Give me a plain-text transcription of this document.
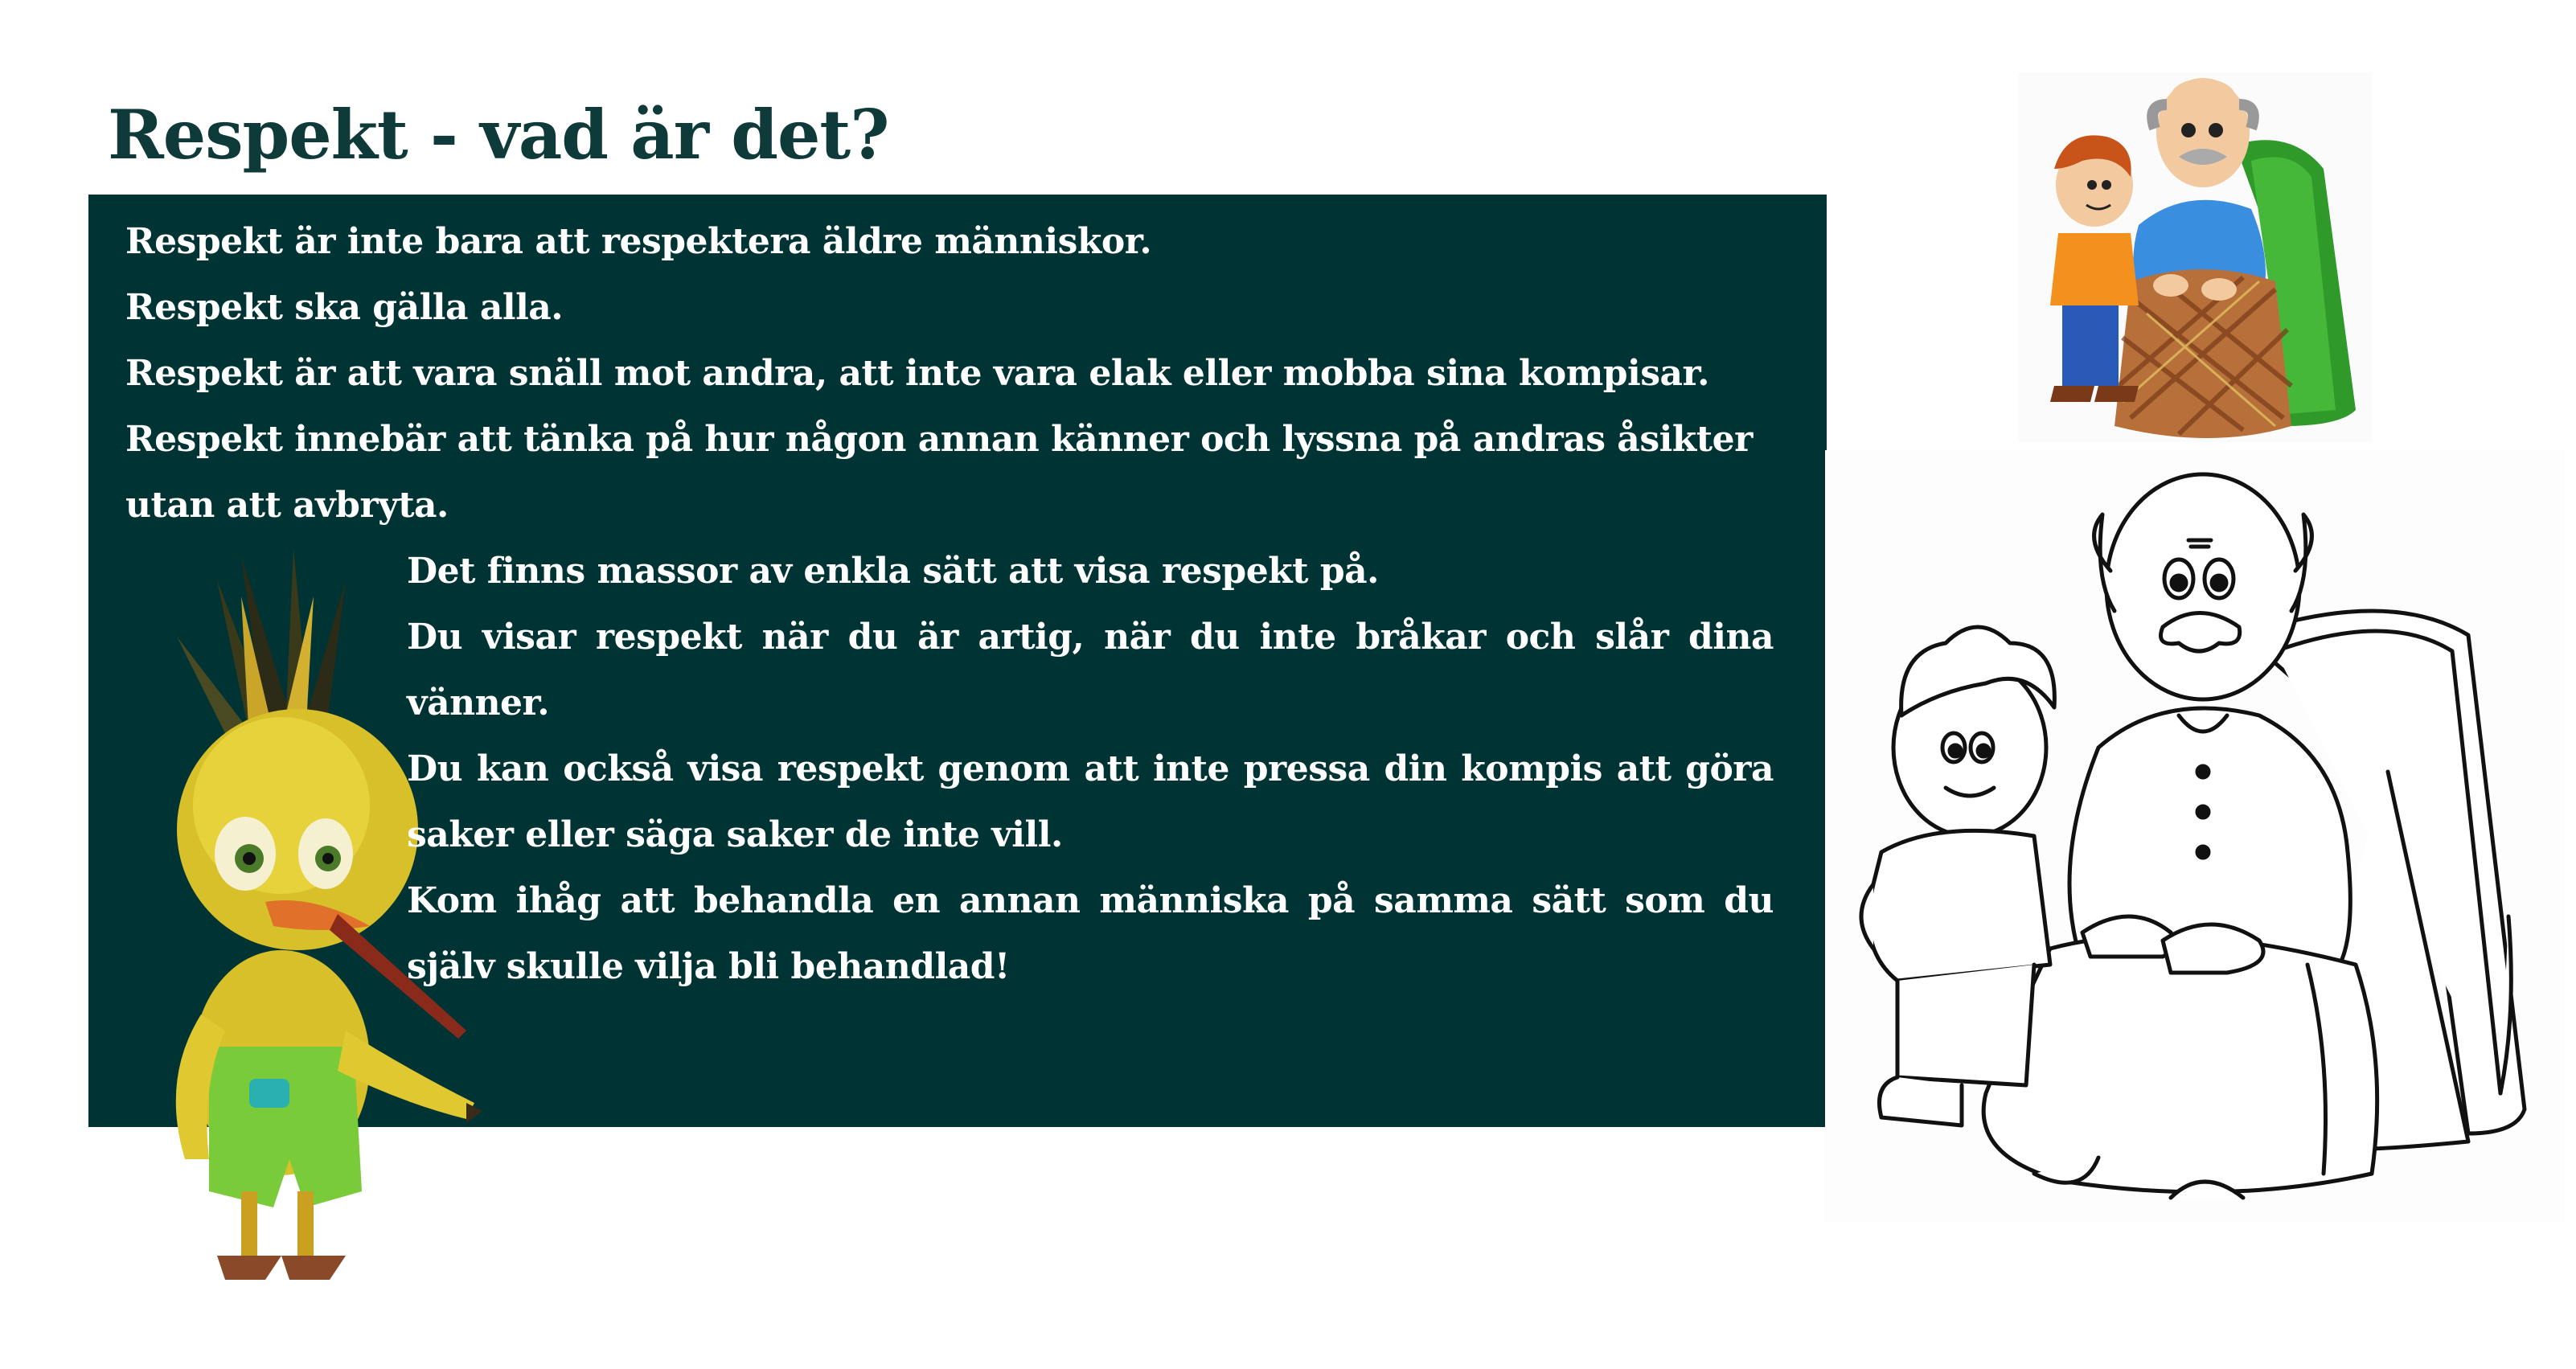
Respekt - vad är det?

Respekt är inte bara att respektera äldre människor.
Respekt ska gälla alla.
Respekt är att vara snäll mot andra, att inte vara elak eller mobba sina kompisar.
Respekt innebär att tänka på hur någon annan känner och lyssna på andras åsikter utan att avbryta.

Det finns massor av enkla sätt att visa respekt på.
Du visar respekt när du är artig, när du inte bråkar och slår dina vänner.
Du kan också visa respekt genom att inte pressa din kompis att göra saker eller säga saker de inte vill.
Kom ihåg att behandla en annan människa på samma sätt som du själv skulle vilja bli behandlad!
